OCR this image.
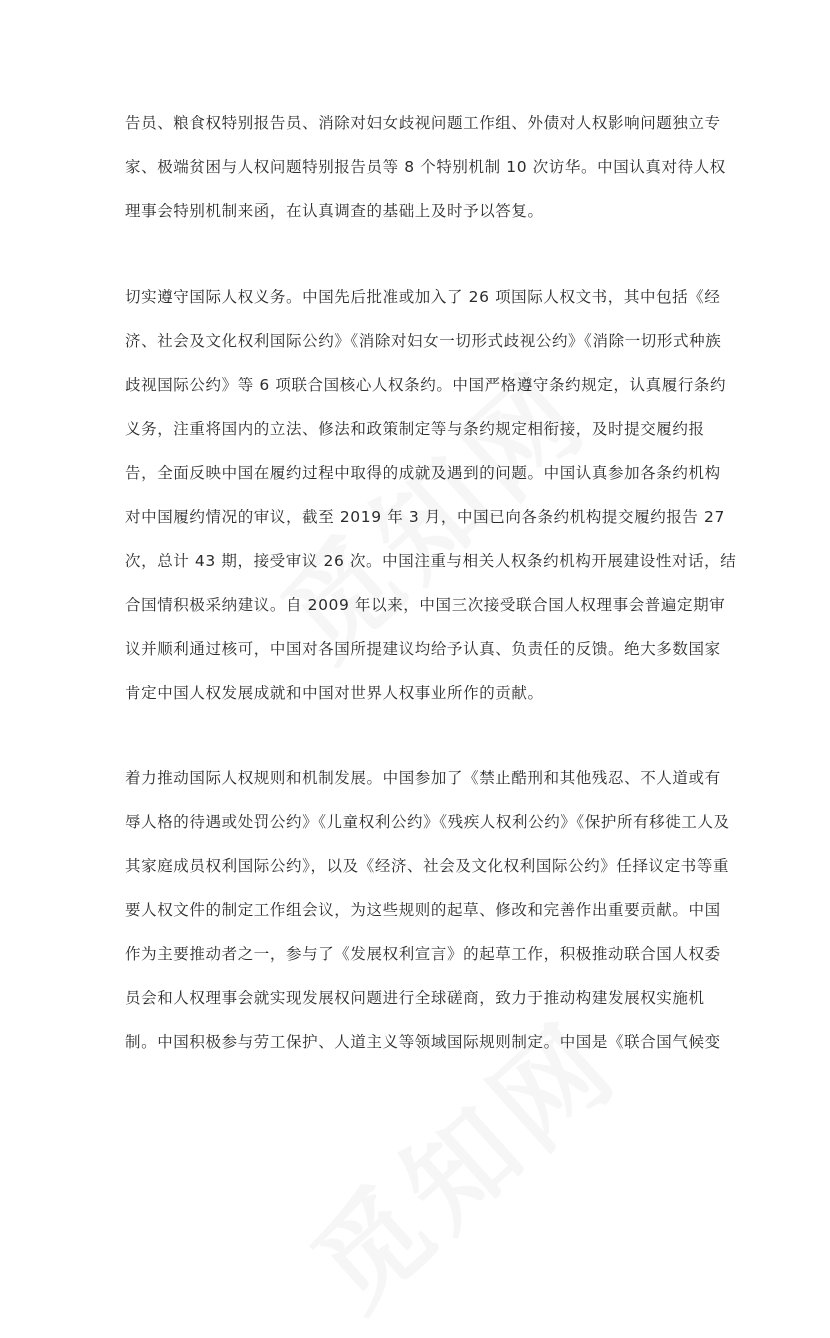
告员、粮食权特别报告员、消除对妇女歧视问题工作组、外债对人权影响问题独立专
家、极端贫困与人权问题特别报告员等 8 个特别机制 10 次访华。中国认真对待人权
理事会特别机制来函，在认真调查的基础上及时予以答复。
切实遵守国际人权义务。中国先后批准或加入了 26 项国际人权文书，其中包括《经
济、社会及文化权利国际公约》《消除对妇女一切形式歧视公约》《消除一切形式种族
歧视国际公约》等 6 项联合国核心人权条约。中国严格遵守条约规定，认真履行条约
义务，注重将国内的立法、修法和政策制定等与条约规定相衔接，及时提交履约报
告，全面反映中国在履约过程中取得的成就及遇到的问题。中国认真参加各条约机构
对中国履约情况的审议，截至 2019 年 3 月，中国已向各条约机构提交履约报告 27
次，总计 43 期，接受审议 26 次。中国注重与相关人权条约机构开展建设性对话，结
合国情积极采纳建议。自 2009 年以来，中国三次接受联合国人权理事会普遍定期审
议并顺利通过核可，中国对各国所提建议均给予认真、负责任的反馈。绝大多数国家
肯定中国人权发展成就和中国对世界人权事业所作的贡献。
着力推动国际人权规则和机制发展。中国参加了《禁止酷刑和其他残忍、不人道或有
辱人格的待遇或处罚公约》《儿童权利公约》《残疾人权利公约》《保护所有移徙工人及
其家庭成员权利国际公约》，以及《经济、社会及文化权利国际公约》任择议定书等重
要人权文件的制定工作组会议，为这些规则的起草、修改和完善作出重要贡献。中国
作为主要推动者之一，参与了《发展权利宣言》的起草工作，积极推动联合国人权委
员会和人权理事会就实现发展权问题进行全球磋商，致力于推动构建发展权实施机
制。中国积极参与劳工保护、人道主义等领域国际规则制定。中国是《联合国气候变
